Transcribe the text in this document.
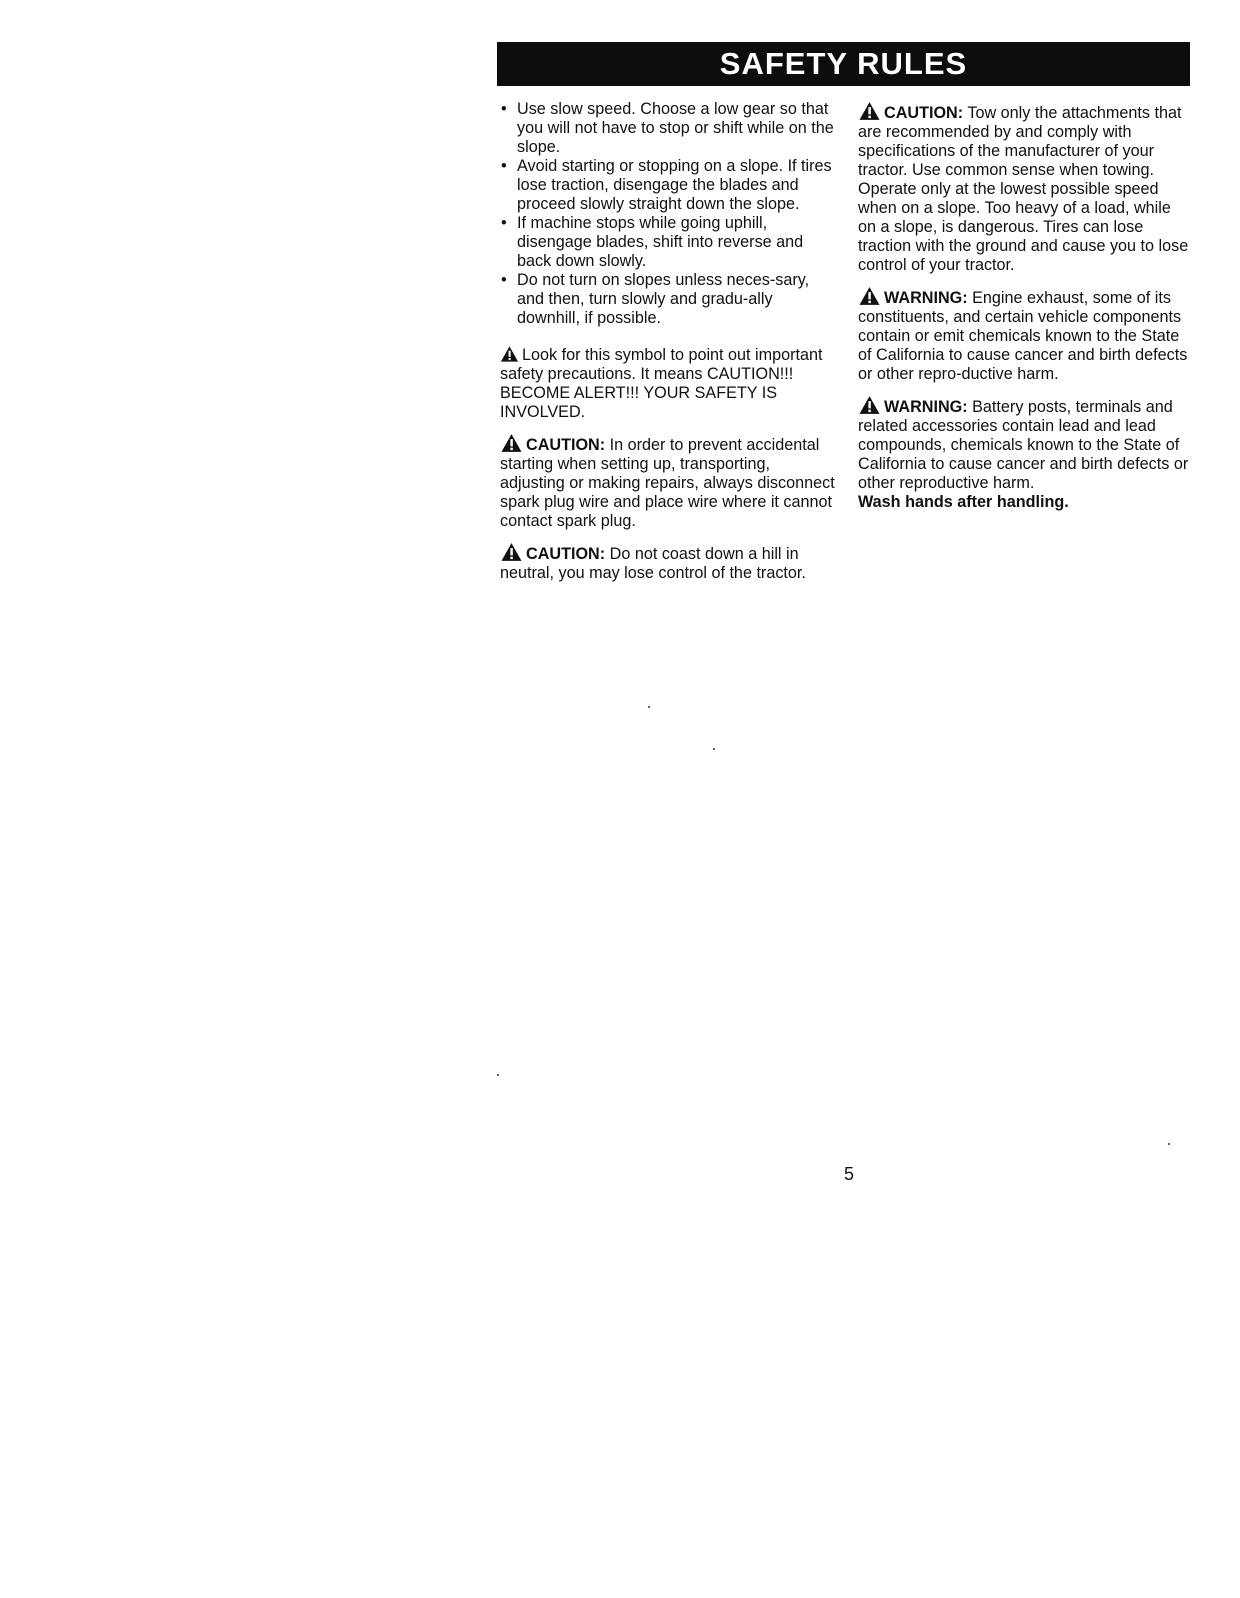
SAFETY RULES
• Use slow speed. Choose a low gear so that you will not have to stop or shift while on the slope.
• Avoid starting or stopping on a slope. If tires lose traction, disengage the blades and proceed slowly straight down the slope.
• If machine stops while going uphill, disengage blades, shift into reverse and back down slowly.
• Do not turn on slopes unless neces-sary, and then, turn slowly and gradu-ally downhill, if possible.

Look for this symbol to point out important safety precautions. It means CAUTION!!! BECOME ALERT!!! YOUR SAFETY IS INVOLVED.

CAUTION: In order to prevent accidental starting when setting up, transporting, adjusting or making repairs, always disconnect spark plug wire and place wire where it cannot contact spark plug.

CAUTION: Do not coast down a hill in neutral, you may lose control of the tractor.

CAUTION: Tow only the attachments that are recommended by and comply with specifications of the manufacturer of your tractor. Use common sense when towing. Operate only at the lowest possible speed when on a slope. Too heavy of a load, while on a slope, is dangerous. Tires can lose traction with the ground and cause you to lose control of your tractor.

WARNING: Engine exhaust, some of its constituents, and certain vehicle components contain or emit chemicals known to the State of California to cause cancer and birth defects or other repro-ductive harm.

WARNING: Battery posts, terminals and related accessories contain lead and lead compounds, chemicals known to the State of California to cause cancer and birth defects or other reproductive harm.
Wash hands after handling.

5
